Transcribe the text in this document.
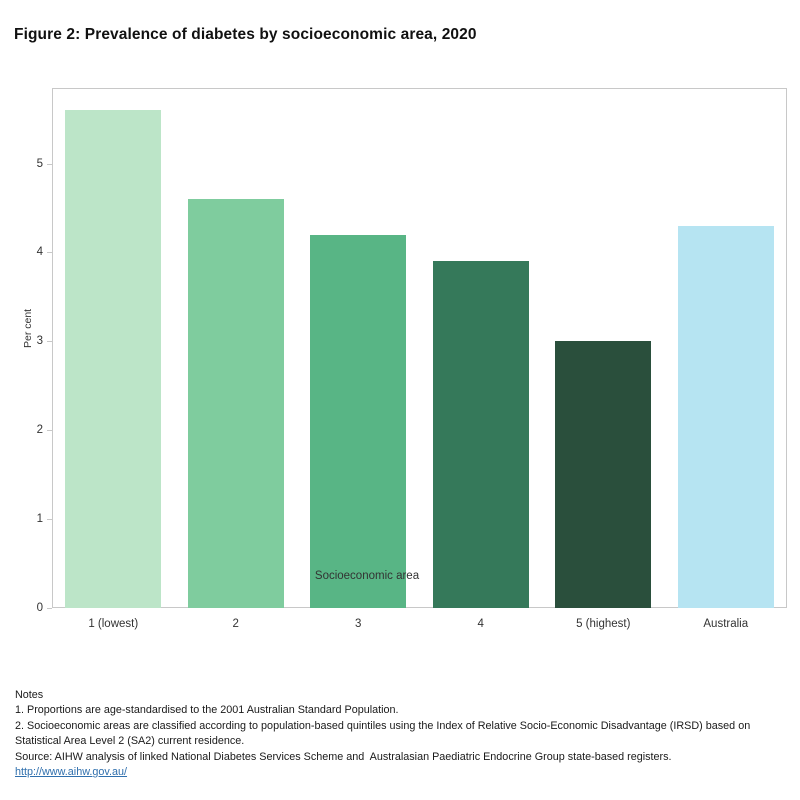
Figure 2: Prevalence of diabetes by socioeconomic area, 2020
0
1
2
3
4
5
1 (lowest)	2	3	4	5 (highest)	Australia
Per cent
Socioeconomic area
Notes
1. Proportions are age-standardised to the 2001 Australian Standard Population.
2. Socioeconomic areas are classified according to population-based quintiles using the Index of Relative Socio-Economic Disadvantage (IRSD) based on Statistical Area Level 2 (SA2) current residence.
Source: AIHW analysis of linked National Diabetes Services Scheme and  Australasian Paediatric Endocrine Group state-based registers.
http://www.aihw.gov.au/
